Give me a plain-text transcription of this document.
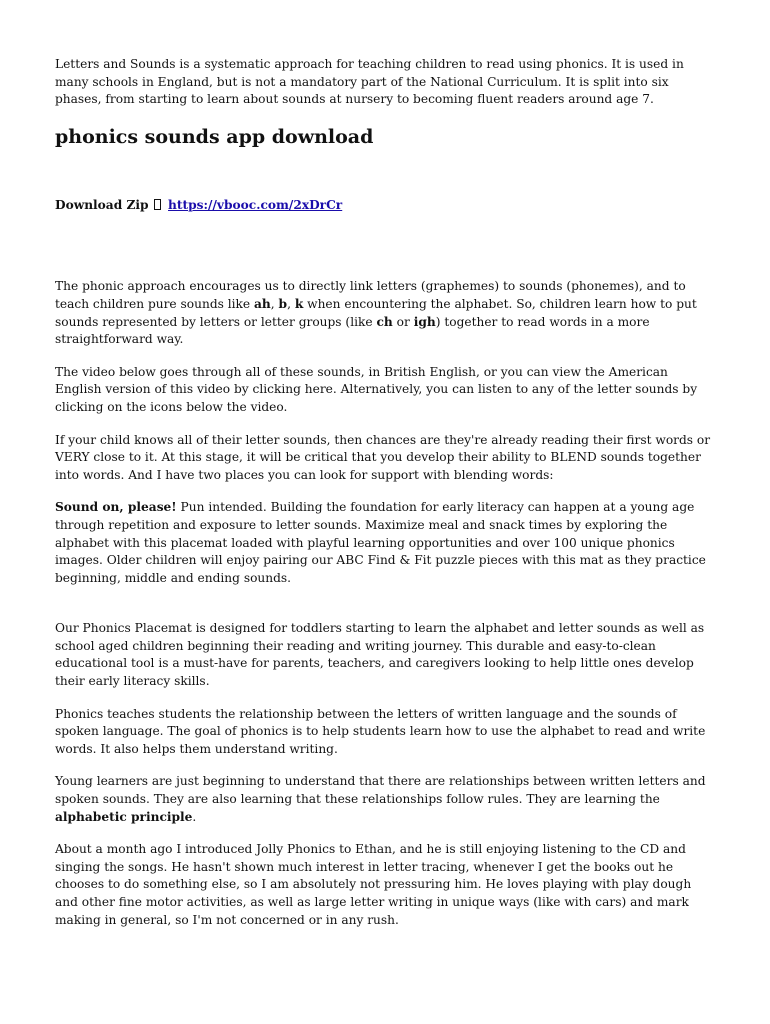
Letters and Sounds is a systematic approach for teaching children to read using phonics. It is used in many schools in England, but is not a mandatory part of the National Curriculum. It is split into six phases, from starting to learn about sounds at nursery to becoming fluent readers around age 7.

phonics sounds app download

Download Zip https://vbooc.com/2xDrCr

The phonic approach encourages us to directly link letters (graphemes) to sounds (phonemes), and to teach children pure sounds like ah, b, k when encountering the alphabet. So, children learn how to put sounds represented by letters or letter groups (like ch or igh) together to read words in a more straightforward way.

The video below goes through all of these sounds, in British English, or you can view the American English version of this video by clicking here. Alternatively, you can listen to any of the letter sounds by clicking on the icons below the video.

If your child knows all of their letter sounds, then chances are they're already reading their first words or VERY close to it. At this stage, it will be critical that you develop their ability to BLEND sounds together into words. And I have two places you can look for support with blending words:

Sound on, please! Pun intended. Building the foundation for early literacy can happen at a young age through repetition and exposure to letter sounds. Maximize meal and snack times by exploring the alphabet with this placemat loaded with playful learning opportunities and over 100 unique phonics images. Older children will enjoy pairing our ABC Find & Fit puzzle pieces with this mat as they practice beginning, middle and ending sounds.

Our Phonics Placemat is designed for toddlers starting to learn the alphabet and letter sounds as well as school aged children beginning their reading and writing journey. This durable and easy-to-clean educational tool is a must-have for parents, teachers, and caregivers looking to help little ones develop their early literacy skills.

Phonics teaches students the relationship between the letters of written language and the sounds of spoken language. The goal of phonics is to help students learn how to use the alphabet to read and write words. It also helps them understand writing.

Young learners are just beginning to understand that there are relationships between written letters and spoken sounds. They are also learning that these relationships follow rules. They are learning the alphabetic principle.

About a month ago I introduced Jolly Phonics to Ethan, and he is still enjoying listening to the CD and singing the songs. He hasn't shown much interest in letter tracing, whenever I get the books out he chooses to do something else, so I am absolutely not pressuring him. He loves playing with play dough and other fine motor activities, as well as large letter writing in unique ways (like with cars) and mark making in general, so I'm not concerned or in any rush.
